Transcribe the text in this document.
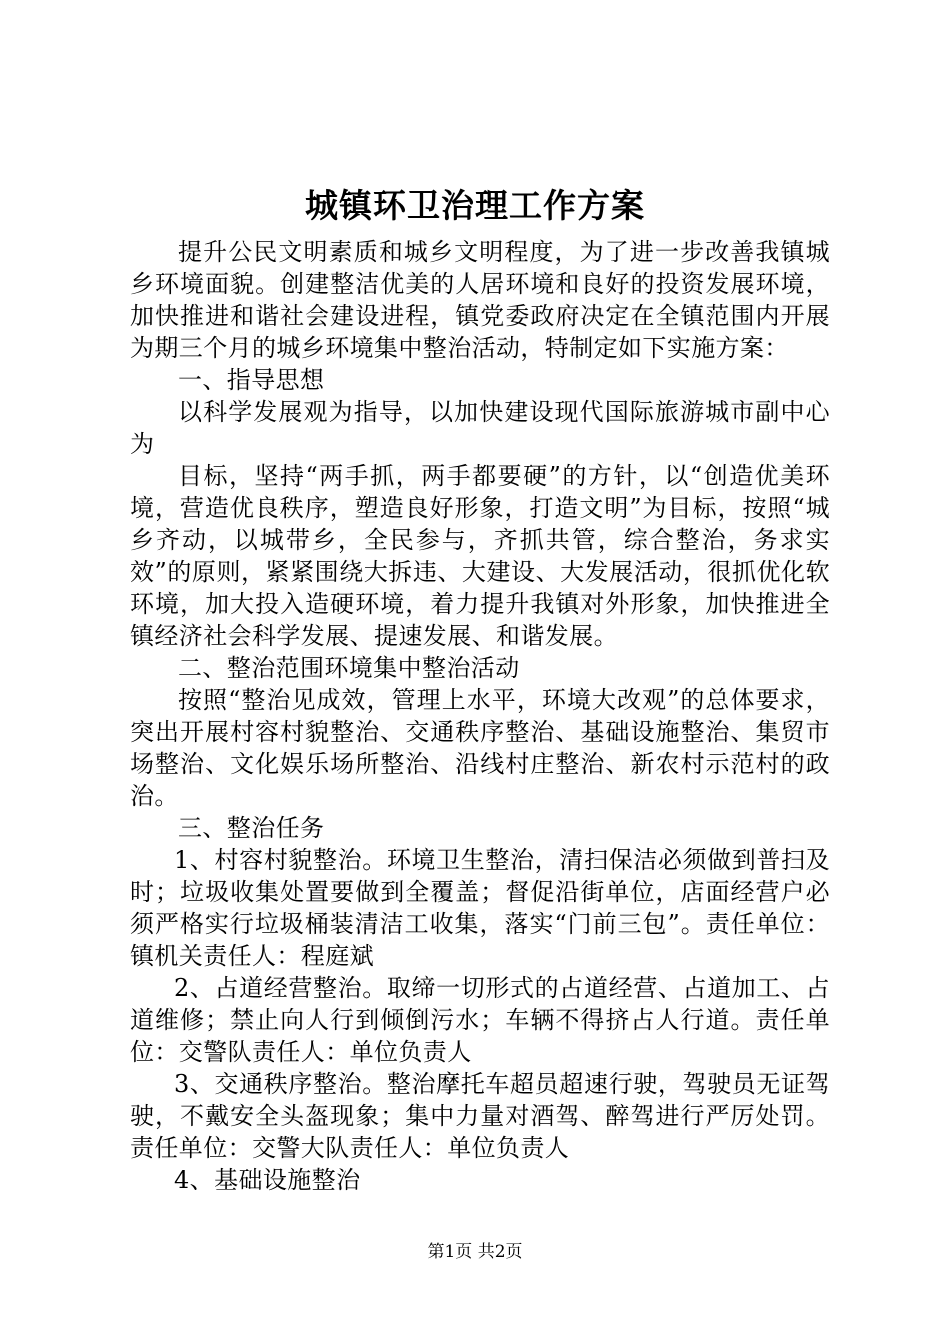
城镇环卫治理工作方案

提升公民文明素质和城乡文明程度，为了进一步改善我镇城乡环境面貌。创建整洁优美的人居环境和良好的投资发展环境，加快推进和谐社会建设进程，镇党委政府决定在全镇范围内开展为期三个月的城乡环境集中整治活动，特制定如下实施方案：

一、指导思想

以科学发展观为指导，以加快建设现代国际旅游城市副中心为

目标，坚持“两手抓，两手都要硬”的方针，以“创造优美环境，营造优良秩序，塑造良好形象，打造文明”为目标，按照“城乡齐动，以城带乡，全民参与，齐抓共管，综合整治，务求实效”的原则，紧紧围绕大拆违、大建设、大发展活动，很抓优化软环境，加大投入造硬环境，着力提升我镇对外形象，加快推进全镇经济社会科学发展、提速发展、和谐发展。

二、整治范围环境集中整治活动

按照“整治见成效，管理上水平，环境大改观”的总体要求，突出开展村容村貌整治、交通秩序整治、基础设施整治、集贸市场整治、文化娱乐场所整治、沿线村庄整治、新农村示范村的政治。

三、整治任务

1、村容村貌整治。环境卫生整治，清扫保洁必须做到普扫及时；垃圾收集处置要做到全覆盖；督促沿街单位，店面经营户必须严格实行垃圾桶装清洁工收集，落实“门前三包”。责任单位：镇机关责任人：程庭斌

2、占道经营整治。取缔一切形式的占道经营、占道加工、占道维修；禁止向人行到倾倒污水；车辆不得挤占人行道。责任单位：交警队责任人：单位负责人

3、交通秩序整治。整治摩托车超员超速行驶，驾驶员无证驾驶，不戴安全头盔现象；集中力量对酒驾、醉驾进行严厉处罚。责任单位：交警大队责任人：单位负责人

4、基础设施整治

第1页 共2页
